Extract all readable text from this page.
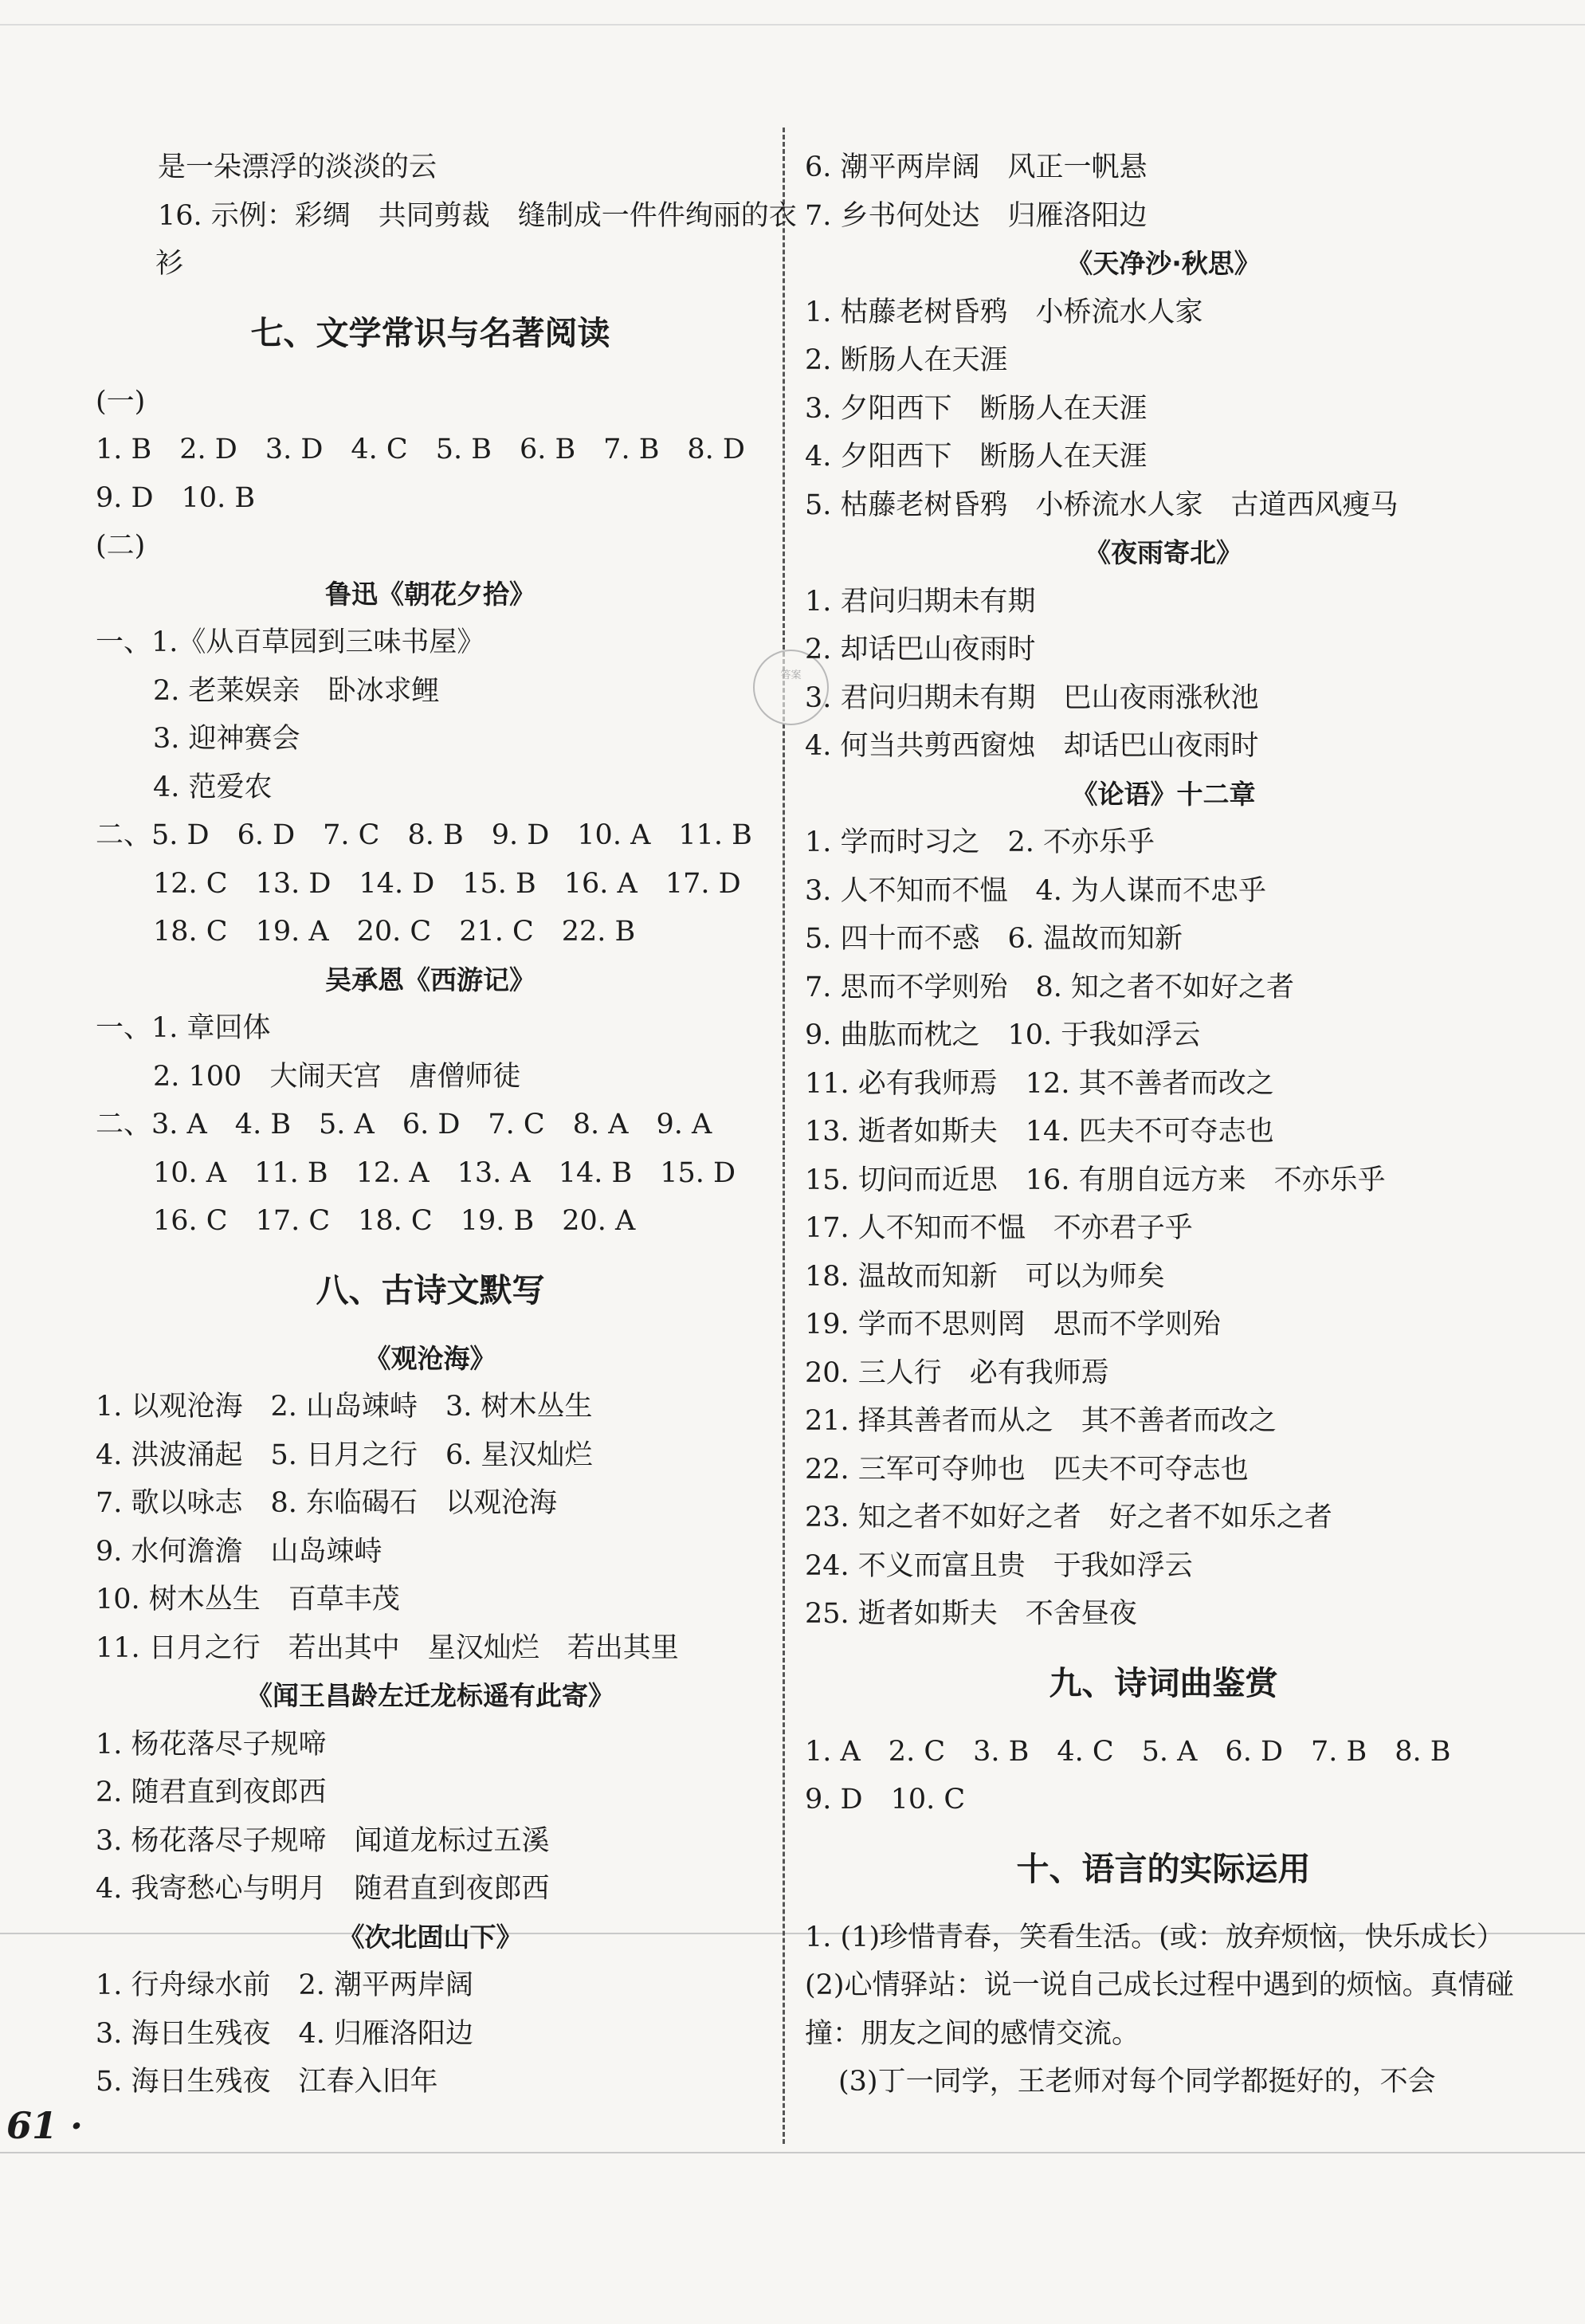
答案
是一朵漂浮的淡淡的云
16. 示例：彩绸　共同剪裁　缝制成一件件绚丽的衣
衫
七、文学常识与名著阅读
(一)
1. B　2. D　3. D　4. C　5. B　6. B　7. B　8. D
9. D　10. B
(二)
鲁迅《朝花夕拾》
一、1.《从百草园到三味书屋》
2. 老莱娱亲　卧冰求鲤
3. 迎神赛会
4. 范爱农
二、5. D　6. D　7. C　8. B　9. D　10. A　11. B
12. C　13. D　14. D　15. B　16. A　17. D
18. C　19. A　20. C　21. C　22. B
吴承恩《西游记》
一、1. 章回体
2. 100　大闹天宫　唐僧师徒
二、3. A　4. B　5. A　6. D　7. C　8. A　9. A
10. A　11. B　12. A　13. A　14. B　15. D
16. C　17. C　18. C　19. B　20. A
八、古诗文默写
《观沧海》
1. 以观沧海　2. 山岛竦峙　3. 树木丛生
4. 洪波涌起　5. 日月之行　6. 星汉灿烂
7. 歌以咏志　8. 东临碣石　以观沧海
9. 水何澹澹　山岛竦峙
10. 树木丛生　百草丰茂
11. 日月之行　若出其中　星汉灿烂　若出其里
《闻王昌龄左迁龙标遥有此寄》
1. 杨花落尽子规啼
2. 随君直到夜郎西
3. 杨花落尽子规啼　闻道龙标过五溪
4. 我寄愁心与明月　随君直到夜郎西
《次北固山下》
1. 行舟绿水前　2. 潮平两岸阔
3. 海日生残夜　4. 归雁洛阳边
5. 海日生残夜　江春入旧年
6. 潮平两岸阔　风正一帆悬
7. 乡书何处达　归雁洛阳边
《天净沙·秋思》
1. 枯藤老树昏鸦　小桥流水人家
2. 断肠人在天涯
3. 夕阳西下　断肠人在天涯
4. 夕阳西下　断肠人在天涯
5. 枯藤老树昏鸦　小桥流水人家　古道西风瘦马
《夜雨寄北》
1. 君问归期未有期
2. 却话巴山夜雨时
3. 君问归期未有期　巴山夜雨涨秋池
4. 何当共剪西窗烛　却话巴山夜雨时
《论语》十二章
1. 学而时习之　2. 不亦乐乎
3. 人不知而不愠　4. 为人谋而不忠乎
5. 四十而不惑　6. 温故而知新
7. 思而不学则殆　8. 知之者不如好之者
9. 曲肱而枕之　10. 于我如浮云
11. 必有我师焉　12. 其不善者而改之
13. 逝者如斯夫　14. 匹夫不可夺志也
15. 切问而近思　16. 有朋自远方来　不亦乐乎
17. 人不知而不愠　不亦君子乎
18. 温故而知新　可以为师矣
19. 学而不思则罔　思而不学则殆
20. 三人行　必有我师焉
21. 择其善者而从之　其不善者而改之
22. 三军可夺帅也　匹夫不可夺志也
23. 知之者不如好之者　好之者不如乐之者
24. 不义而富且贵　于我如浮云
25. 逝者如斯夫　不舍昼夜
九、诗词曲鉴赏
1. A　2. C　3. B　4. C　5. A　6. D　7. B　8. B
9. D　10. C
十、语言的实际运用
1. (1)珍惜青春，笑看生活。(或：放弃烦恼，快乐成长）(2)心情驿站：说一说自己成长过程中遇到的烦恼。真情碰撞：朋友之间的感情交流。
(3)丁一同学，王老师对每个同学都挺好的，不会
61 ·
